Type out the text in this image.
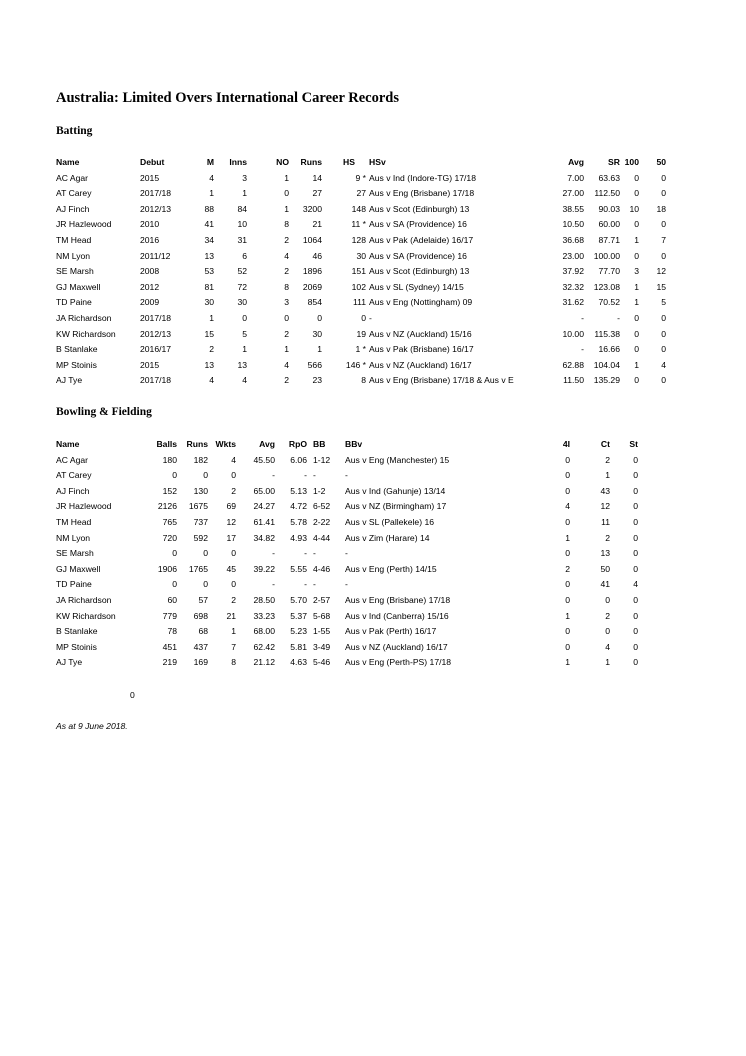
Australia: Limited Overs International Career Records
Batting
Name	Debut	M	Inns	NO	Runs	HS HSv	Avg	SR 100	50
AC Agar	2015	4	3	1	14	9 * Aus v Ind (Indore-TG) 17/18	7.00	63.63	0	0
AT Carey	2017/18	1	1	0	27	27 Aus v Eng (Brisbane) 17/18	27.00	112.50	0	0
AJ Finch	2012/13	88	84	1	3200	148 Aus v Scot (Edinburgh) 13	38.55	90.03	10	18
JR Hazlewood	2010	41	10	8	21	11 * Aus v SA (Providence) 16	10.50	60.00	0	0
TM Head	2016	34	31	2	1064	128 Aus v Pak (Adelaide) 16/17	36.68	87.71	1	7
NM Lyon	2011/12	13	6	4	46	30 Aus v SA (Providence) 16	23.00	100.00	0	0
SE Marsh	2008	53	52	2	1896	151 Aus v Scot (Edinburgh) 13	37.92	77.70	3	12
GJ Maxwell	2012	81	72	8	2069	102 Aus v SL (Sydney) 14/15	32.32	123.08	1	15
TD Paine	2009	30	30	3	854	111 Aus v Eng (Nottingham) 09	31.62	70.52	1	5
JA Richardson	2017/18	1	0	0	0	0 -	-	-	0	0
KW Richardson	2012/13	15	5	2	30	19 Aus v NZ (Auckland) 15/16	10.00	115.38	0	0
B Stanlake	2016/17	2	1	1	1	1 * Aus v Pak (Brisbane) 16/17	-	16.66	0	0
MP Stoinis	2015	13	13	4	566	146 * Aus v NZ (Auckland) 16/17	62.88	104.04	1	4
AJ Tye	2017/18	4	4	2	23	8 Aus v Eng (Brisbane) 17/18 & Aus v E	11.50	135.29	0	0
Bowling & Fielding
Name	Balls	Runs Wkts	Avg	RpO BB BBv	4I	Ct	St
AC Agar	180	182	4	45.50	6.06 1-12 Aus v Eng (Manchester) 15	0	2	0
AT Carey	0	0	0	-	- -	-	0	1	0
AJ Finch	152	130	2	65.00	5.13 1-2 Aus v Ind (Gahunje) 13/14	0	43	0
JR Hazlewood	2126	1675	69	24.27	4.72 6-52 Aus v NZ (Birmingham) 17	4	12	0
TM Head	765	737	12	61.41	5.78 2-22 Aus v SL (Pallekele) 16	0	11	0
NM Lyon	720	592	17	34.82	4.93 4-44 Aus v Zim (Harare) 14	1	2	0
SE Marsh	0	0	0	-	- -	-	0	13	0
GJ Maxwell	1906	1765	45	39.22	5.55 4-46 Aus v Eng (Perth) 14/15	2	50	0
TD Paine	0	0	0	-	- -	-	0	41	4
JA Richardson	60	57	2	28.50	5.70 2-57 Aus v Eng (Brisbane) 17/18	0	0	0
KW Richardson	779	698	21	33.23	5.37 5-68 Aus v Ind (Canberra) 15/16	1	2	0
B Stanlake	78	68	1	68.00	5.23 1-55 Aus v Pak (Perth) 16/17	0	0	0
MP Stoinis	451	437	7	62.42	5.81 3-49 Aus v NZ (Auckland) 16/17	0	4	0
AJ Tye	219	169	8	21.12	4.63 5-46 Aus v Eng (Perth-PS) 17/18	1	1	0
0
As at 9 June 2018.
